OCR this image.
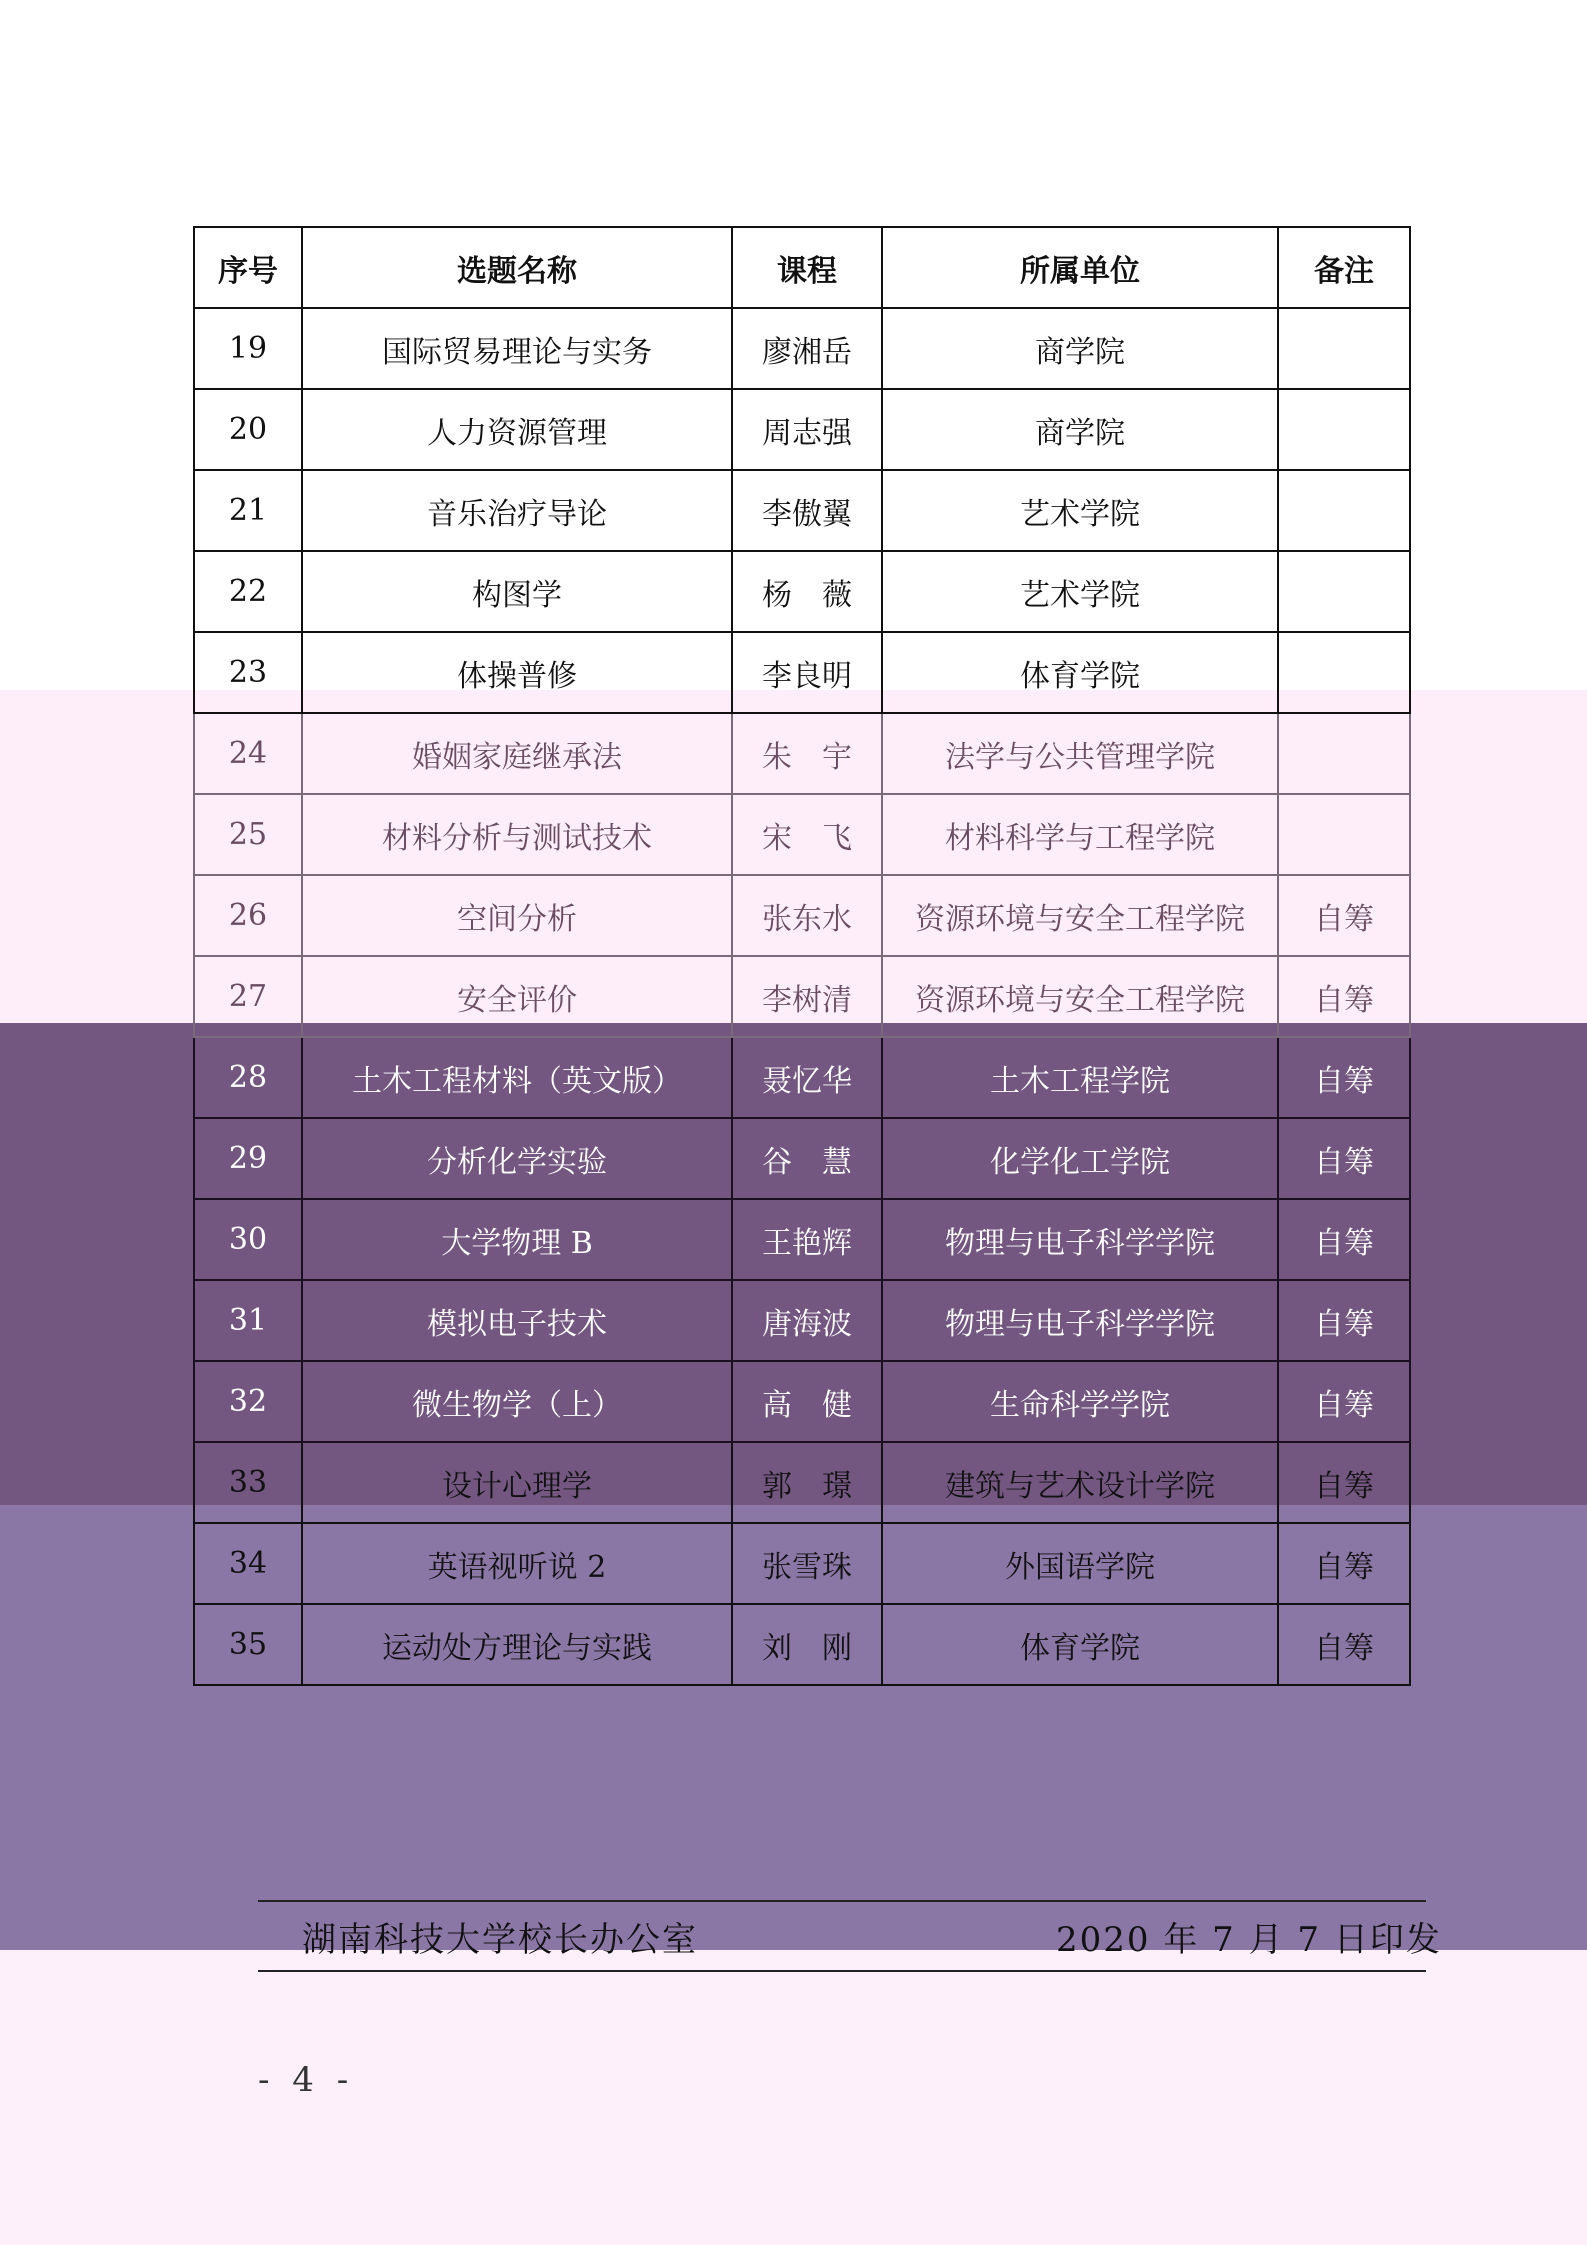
序号	选题名称	课程	所属单位	备注
19	国际贸易理论与实务	廖湘岳	商学院	
20	人力资源管理	周志强	商学院	
21	音乐治疗导论	李傲翼	艺术学院	
22	构图学	杨　薇	艺术学院	
23	体操普修	李良明	体育学院	
24	婚姻家庭继承法	朱　宇	法学与公共管理学院	
25	材料分析与测试技术	宋　飞	材料科学与工程学院	
26	空间分析	张东水	资源环境与安全工程学院	自筹
27	安全评价	李树清	资源环境与安全工程学院	自筹
28	土木工程材料（英文版）	聂忆华	土木工程学院	自筹
29	分析化学实验	谷　慧	化学化工学院	自筹
30	大学物理 B	王艳辉	物理与电子科学学院	自筹
31	模拟电子技术	唐海波	物理与电子科学学院	自筹
32	微生物学（上）	高　健	生命科学学院	自筹
33	设计心理学	郭　璟	建筑与艺术设计学院	自筹
34	英语视听说 2	张雪珠	外国语学院	自筹
35	运动处方理论与实践	刘　刚	体育学院	自筹
湖南科技大学校长办公室	2020 年 7 月 7 日印发
- 4 -
